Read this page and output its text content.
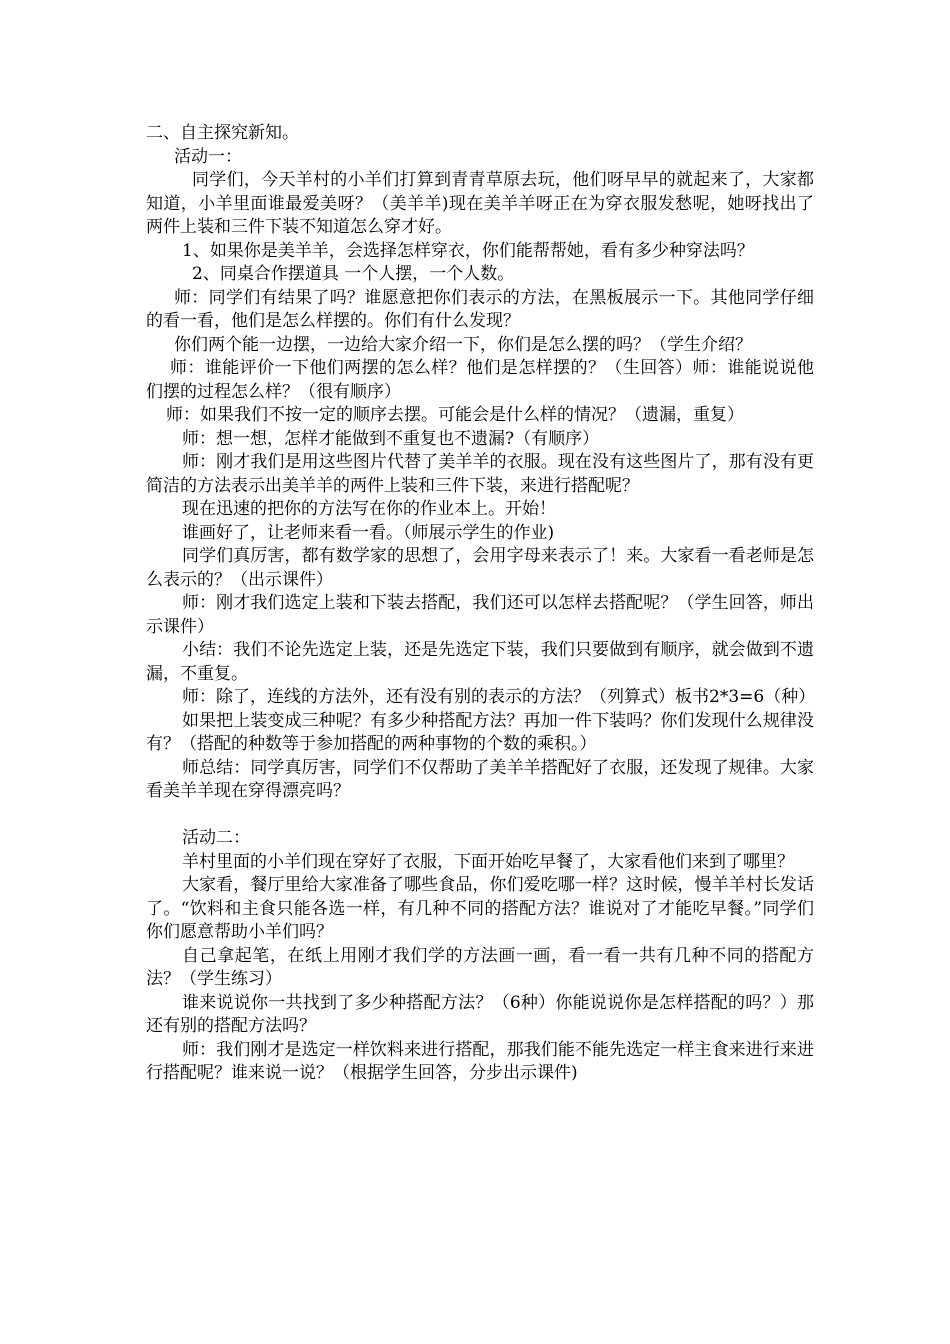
二、自主探究新知。

活动一：

同学们，今天羊村的小羊们打算到青青草原去玩，他们呀早早的就起来了，大家都知道，小羊里面谁最爱美呀？（美羊羊)现在美羊羊呀正在为穿衣服发愁呢，她呀找出了两件上装和三件下装不知道怎么穿才好。

1、如果你是美羊羊，会选择怎样穿衣，你们能帮帮她，看有多少种穿法吗？

2、同桌合作摆道具 一个人摆，一个人数。

师：同学们有结果了吗？谁愿意把你们表示的方法，在黑板展示一下。其他同学仔细的看一看，他们是怎么样摆的。你们有什么发现？

你们两个能一边摆，一边给大家介绍一下，你们是怎么摆的吗？（学生介绍？

师：谁能评价一下他们两摆的怎么样？他们是怎样摆的？（生回答）师：谁能说说他们摆的过程怎么样？（很有顺序）

师：如果我们不按一定的顺序去摆。可能会是什么样的情况？（遗漏，重复）

师：想一想，怎样才能做到不重复也不遗漏?（有顺序）

师：刚才我们是用这些图片代替了美羊羊的衣服。现在没有这些图片了，那有没有更简洁的方法表示出美羊羊的两件上装和三件下装，来进行搭配呢？

现在迅速的把你的方法写在你的作业本上。开始！

谁画好了，让老师来看一看。（师展示学生的作业)

同学们真厉害，都有数学家的思想了，会用字母来表示了！来。大家看一看老师是怎么表示的？（出示课件）

师：刚才我们选定上装和下装去搭配，我们还可以怎样去搭配呢？（学生回答，师出示课件）

小结：我们不论先选定上装，还是先选定下装，我们只要做到有顺序，就会做到不遗漏，不重复。

师：除了，连线的方法外，还有没有别的表示的方法？（列算式）板书2*3=6（种）

如果把上装变成三种呢？有多少种搭配方法？再加一件下装吗？你们发现什么规律没有？（搭配的种数等于参加搭配的两种事物的个数的乘积。）

师总结：同学真厉害，同学们不仅帮助了美羊羊搭配好了衣服，还发现了规律。大家看美羊羊现在穿得漂亮吗？

活动二：

羊村里面的小羊们现在穿好了衣服，下面开始吃早餐了，大家看他们来到了哪里？

大家看，餐厅里给大家准备了哪些食品，你们爱吃哪一样？这时候，慢羊羊村长发话了。“饮料和主食只能各选一样，有几种不同的搭配方法？谁说对了才能吃早餐。”同学们你们愿意帮助小羊们吗？

自己拿起笔，在纸上用刚才我们学的方法画一画，看一看一共有几种不同的搭配方法？（学生练习）

谁来说说你一共找到了多少种搭配方法？（6种）你能说说你是怎样搭配的吗？）那还有别的搭配方法吗？

师：我们刚才是选定一样饮料来进行搭配，那我们能不能先选定一样主食来进行来进行搭配呢？谁来说一说？（根据学生回答，分步出示课件)
